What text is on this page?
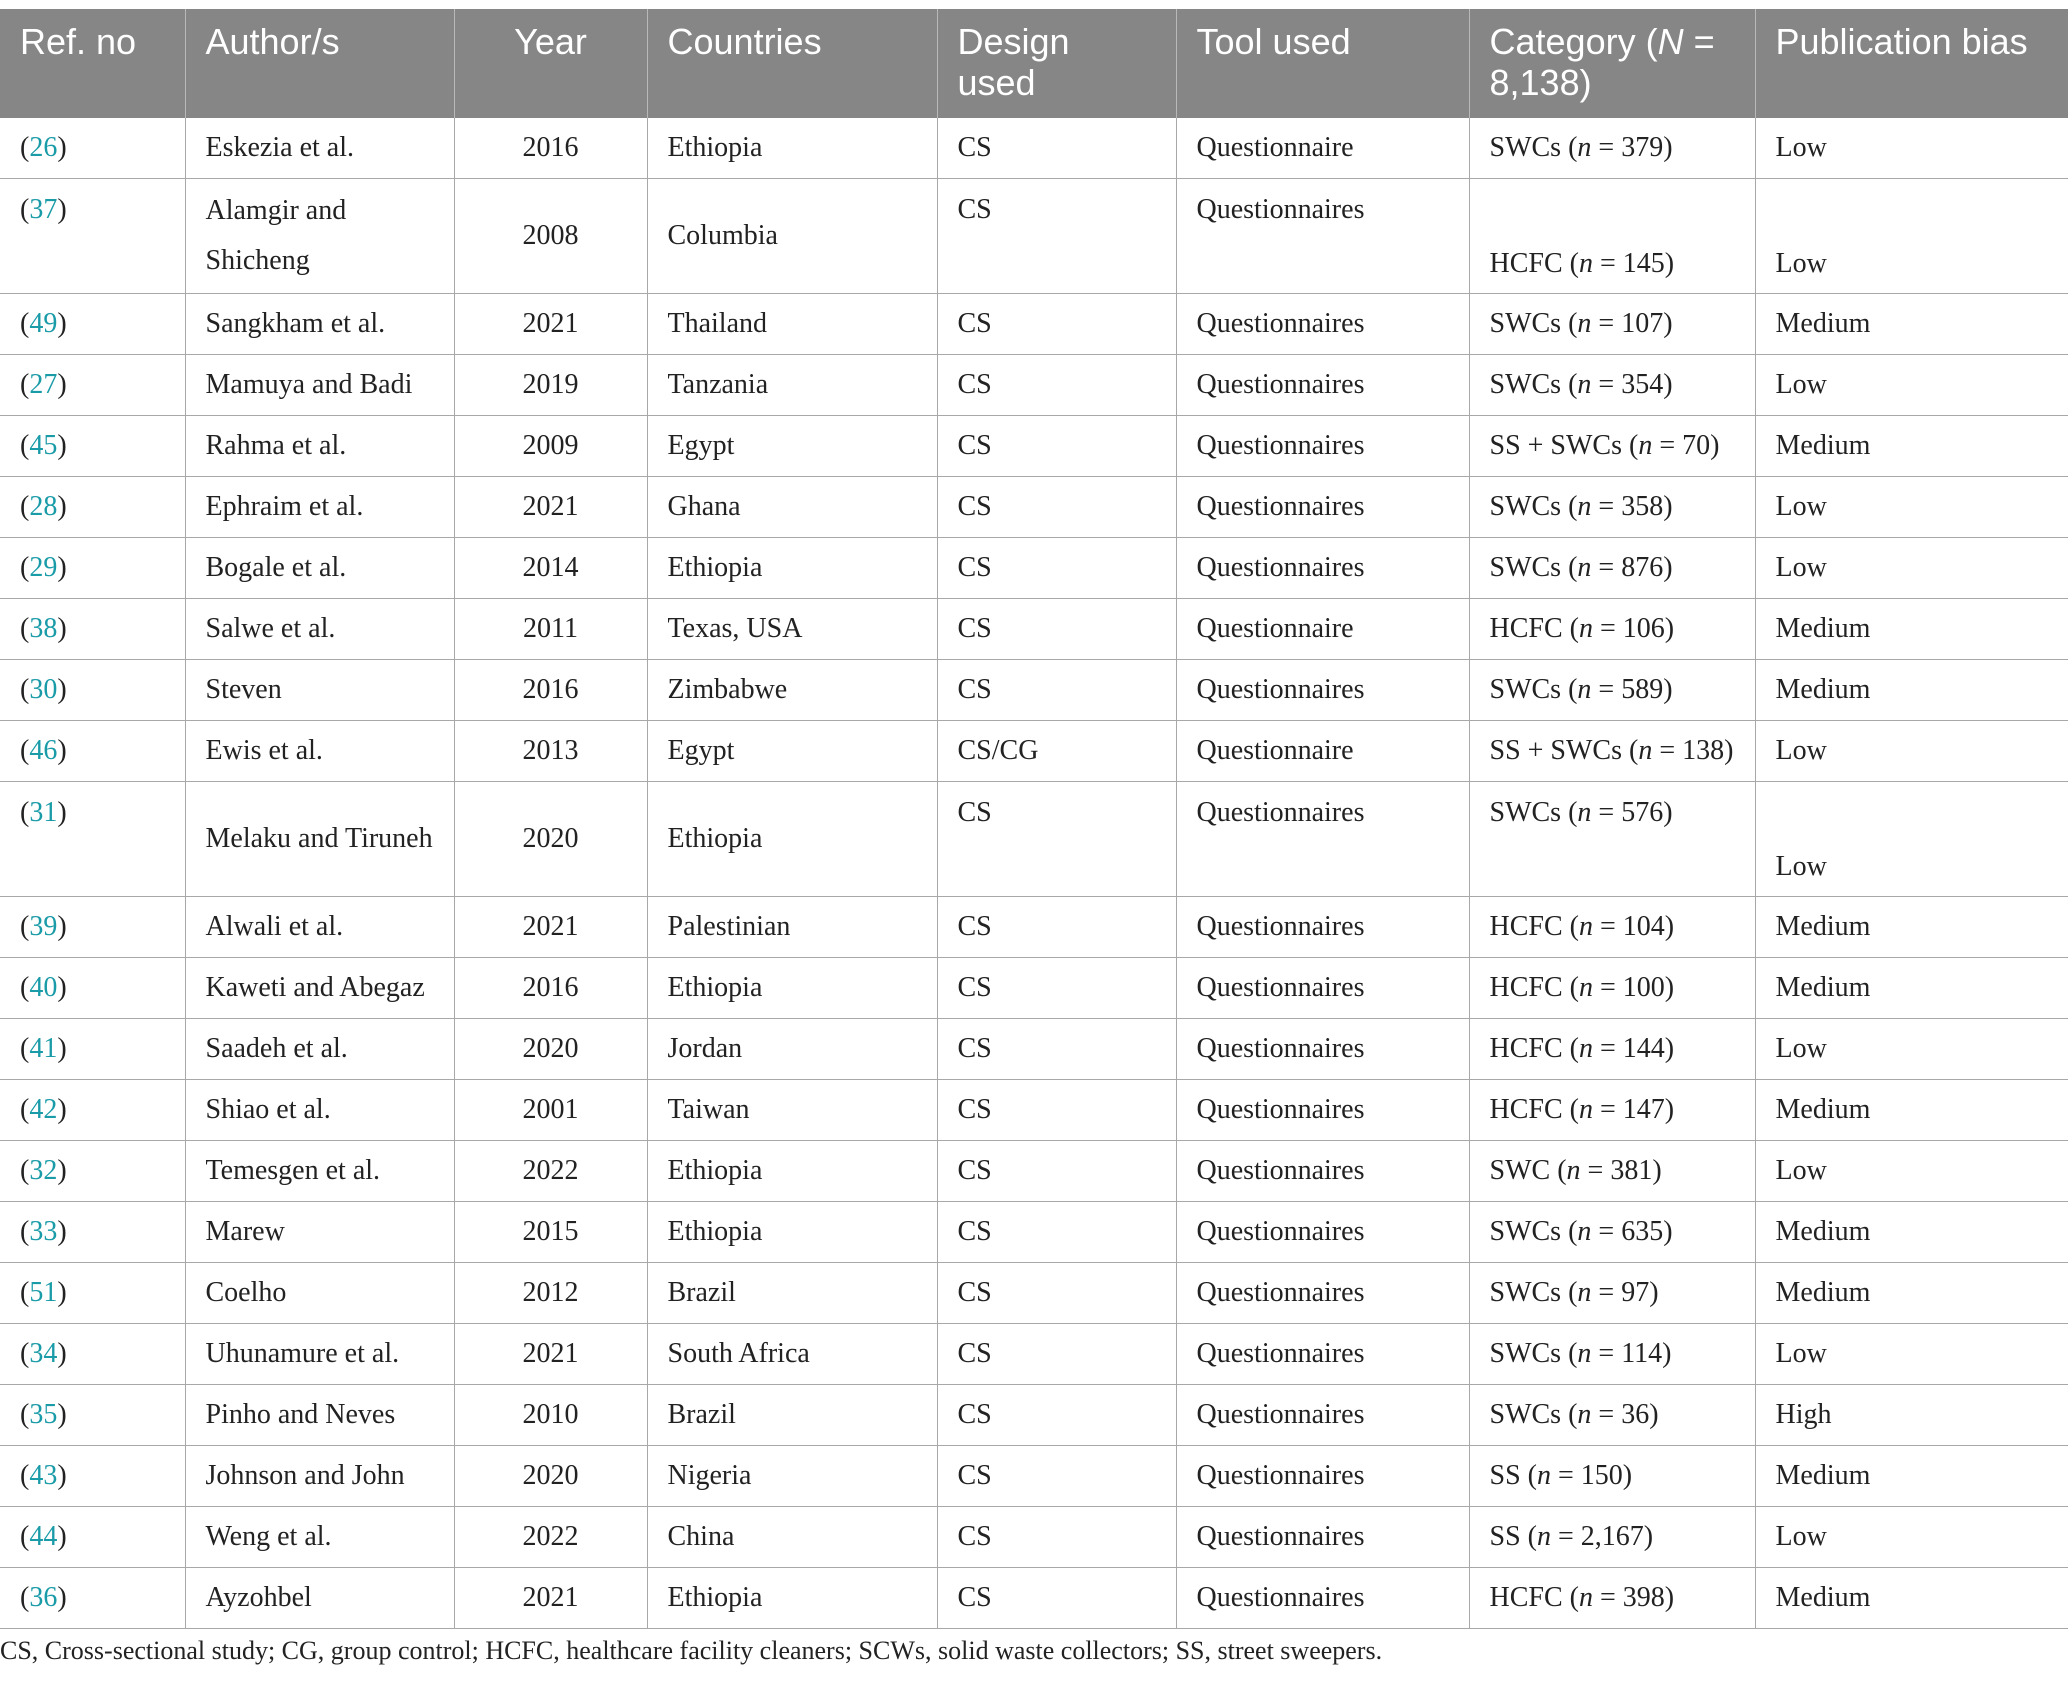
Ref. no	Author/s	Year	Countries	Design used	Tool used	Category (N = 8,138)	Publication bias
(26)	Eskezia et al.	2016	Ethiopia	CS	Questionnaire	SWCs (n = 379)	Low
(37)	Alamgir and Shicheng	2008	Columbia	CS	Questionnaires	HCFC (n = 145)	Low
(49)	Sangkham et al.	2021	Thailand	CS	Questionnaires	SWCs (n = 107)	Medium
(27)	Mamuya and Badi	2019	Tanzania	CS	Questionnaires	SWCs (n = 354)	Low
(45)	Rahma et al.	2009	Egypt	CS	Questionnaires	SS + SWCs (n = 70)	Medium
(28)	Ephraim et al.	2021	Ghana	CS	Questionnaires	SWCs (n = 358)	Low
(29)	Bogale et al.	2014	Ethiopia	CS	Questionnaires	SWCs (n = 876)	Low
(38)	Salwe et al.	2011	Texas, USA	CS	Questionnaire	HCFC (n = 106)	Medium
(30)	Steven	2016	Zimbabwe	CS	Questionnaires	SWCs (n = 589)	Medium
(46)	Ewis et al.	2013	Egypt	CS/CG	Questionnaire	SS + SWCs (n = 138)	Low
(31)	Melaku and Tiruneh	2020	Ethiopia	CS	Questionnaires	SWCs (n = 576)	Low
(39)	Alwali et al.	2021	Palestinian	CS	Questionnaires	HCFC (n = 104)	Medium
(40)	Kaweti and Abegaz	2016	Ethiopia	CS	Questionnaires	HCFC (n = 100)	Medium
(41)	Saadeh et al.	2020	Jordan	CS	Questionnaires	HCFC (n = 144)	Low
(42)	Shiao et al.	2001	Taiwan	CS	Questionnaires	HCFC (n = 147)	Medium
(32)	Temesgen et al.	2022	Ethiopia	CS	Questionnaires	SWC (n = 381)	Low
(33)	Marew	2015	Ethiopia	CS	Questionnaires	SWCs (n = 635)	Medium
(51)	Coelho	2012	Brazil	CS	Questionnaires	SWCs (n = 97)	Medium
(34)	Uhunamure et al.	2021	South Africa	CS	Questionnaires	SWCs (n = 114)	Low
(35)	Pinho and Neves	2010	Brazil	CS	Questionnaires	SWCs (n = 36)	High
(43)	Johnson and John	2020	Nigeria	CS	Questionnaires	SS (n = 150)	Medium
(44)	Weng et al.	2022	China	CS	Questionnaires	SS (n = 2,167)	Low
(36)	Ayzohbel	2021	Ethiopia	CS	Questionnaires	HCFC (n = 398)	Medium
CS, Cross-sectional study; CG, group control; HCFC, healthcare facility cleaners; SCWs, solid waste collectors; SS, street sweepers.
